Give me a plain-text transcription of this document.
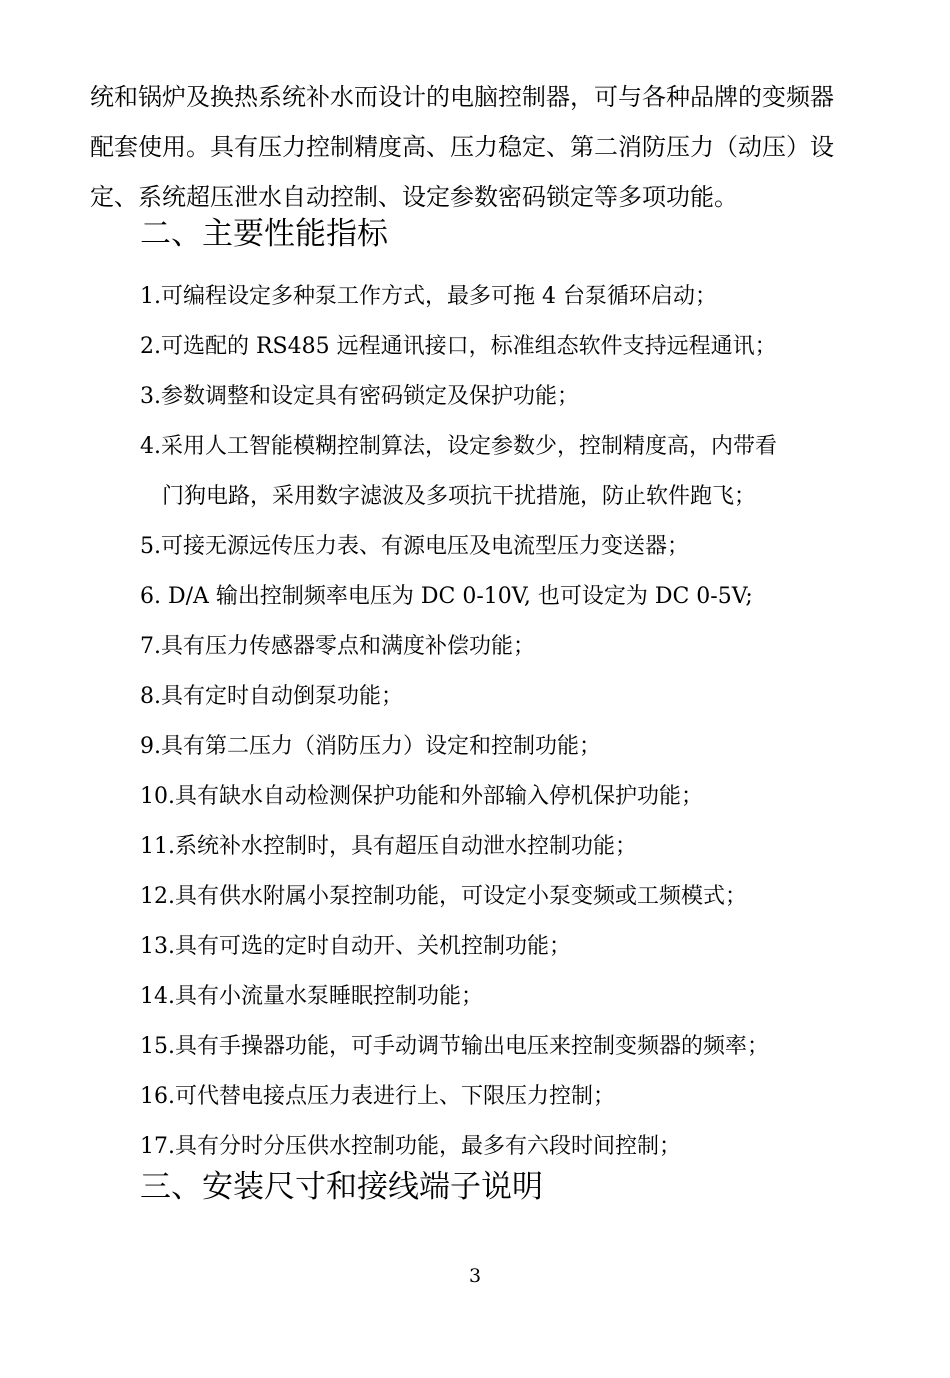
统和锅炉及换热系统补水而设计的电脑控制器，可与各种品牌的变频器
配套使用。具有压力控制精度高、压力稳定、第二消防压力（动压）设
定、系统超压泄水自动控制、设定参数密码锁定等多项功能。

二、主要性能指标
1.可编程设定多种泵工作方式，最多可拖 4 台泵循环启动；
2.可选配的 RS485 远程通讯接口，标准组态软件支持远程通讯；
3.参数调整和设定具有密码锁定及保护功能；
4.采用人工智能模糊控制算法，设定参数少，控制精度高，内带看
门狗电路，采用数字滤波及多项抗干扰措施，防止软件跑飞；
5.可接无源远传压力表、有源电压及电流型压力变送器；
6. D/A 输出控制频率电压为 DC 0-10V, 也可设定为 DC 0-5V;
7.具有压力传感器零点和满度补偿功能；
8.具有定时自动倒泵功能；
9.具有第二压力（消防压力）设定和控制功能；
10.具有缺水自动检测保护功能和外部输入停机保护功能；
11.系统补水控制时，具有超压自动泄水控制功能；
12.具有供水附属小泵控制功能，可设定小泵变频或工频模式；
13.具有可选的定时自动开、关机控制功能；
14.具有小流量水泵睡眠控制功能；
15.具有手操器功能，可手动调节输出电压来控制变频器的频率；
16.可代替电接点压力表进行上、下限压力控制；
17.具有分时分压供水控制功能，最多有六段时间控制；
三、安装尺寸和接线端子说明
3
